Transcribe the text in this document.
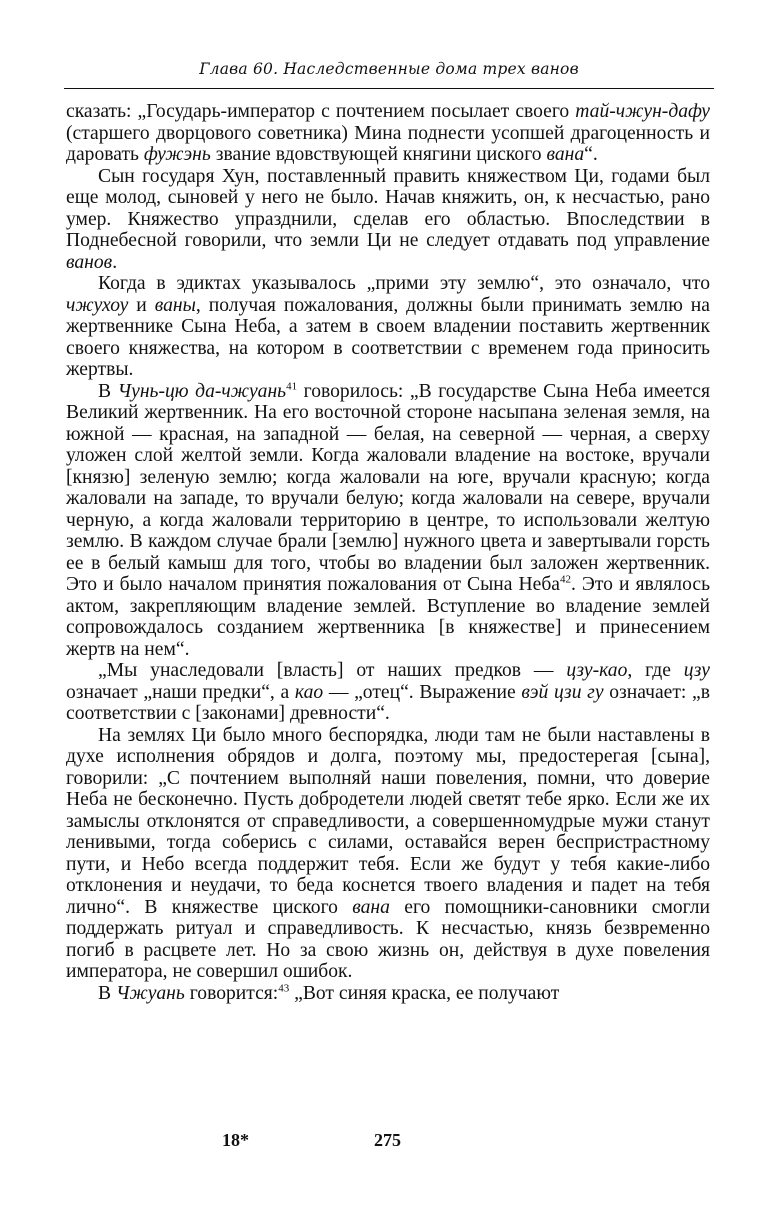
Глава 60. Наследственные дома трех ванов

сказать: „Государь-император с почтением посылает своего тай-чжун-дафу (старшего дворцового советника) Мина поднести усопшей драгоценность и даровать фужэнь звание вдовствующей княгини циского вана“.

Сын государя Хун, поставленный править княжеством Ци, годами был еще молод, сыновей у него не было. Начав княжить, он, к несчастью, рано умер. Княжество упразднили, сделав его областью. Впоследствии в Поднебесной говорили, что земли Ци не следует отдавать под управление ванов.

Когда в эдиктах указывалось „прими эту землю“, это означало, что чжухоу и ваны, получая пожалования, должны были принимать землю на жертвеннике Сына Неба, а затем в своем владении поставить жертвенник своего княжества, на котором в соответствии с временем года приносить жертвы.

В Чунь-цю да-чжуань$^{41}$ говорилось: „В государстве Сына Неба имеется Великий жертвенник. На его восточной стороне насыпана зеленая земля, на южной — красная, на западной — белая, на северной — черная, а сверху уложен слой желтой земли. Когда жаловали владение на востоке, вручали [князю] зеленую землю; когда жаловали на юге, вручали красную; когда жаловали на западе, то вручали белую; когда жаловали на севере, вручали черную, а когда жаловали территорию в центре, то использовали желтую землю. В каждом случае брали [землю] нужного цвета и завертывали горсть ее в белый камыш для того, чтобы во владении был заложен жертвенник. Это и было началом принятия пожалования от Сына Неба$^{42}$. Это и являлось актом, закрепляющим владение землей. Вступление во владение землей сопровождалось созданием жертвенника [в княжестве] и принесением жертв на нем“.

„Мы унаследовали [власть] от наших предков — цзу-као, где цзу означает „наши предки“, а као — „отец“. Выражение вэй цзи гу означает: „в соответствии с [законами] древности“.

На землях Ци было много беспорядка, люди там не были наставлены в духе исполнения обрядов и долга, поэтому мы, предостерегая [сына], говорили: „С почтением выполняй наши повеления, помни, что доверие Неба не бесконечно. Пусть добродетели людей светят тебе ярко. Если же их замыслы отклонятся от справедливости, а совершенномудрые мужи станут ленивыми, тогда соберись с силами, оставайся верен беспристрастному пути, и Небо всегда поддержит тебя. Если же будут у тебя какие-либо отклонения и неудачи, то беда коснется твоего владения и падет на тебя лично“. В княжестве циского вана его помощники-сановники смогли поддержать ритуал и справедливость. К несчастью, князь безвременно погиб в расцвете лет. Но за свою жизнь он, действуя в духе повеления императора, не совершил ошибок.

В Чжуань говорится:$^{43}$ „Вот синяя краска, ее получают

18*	275
